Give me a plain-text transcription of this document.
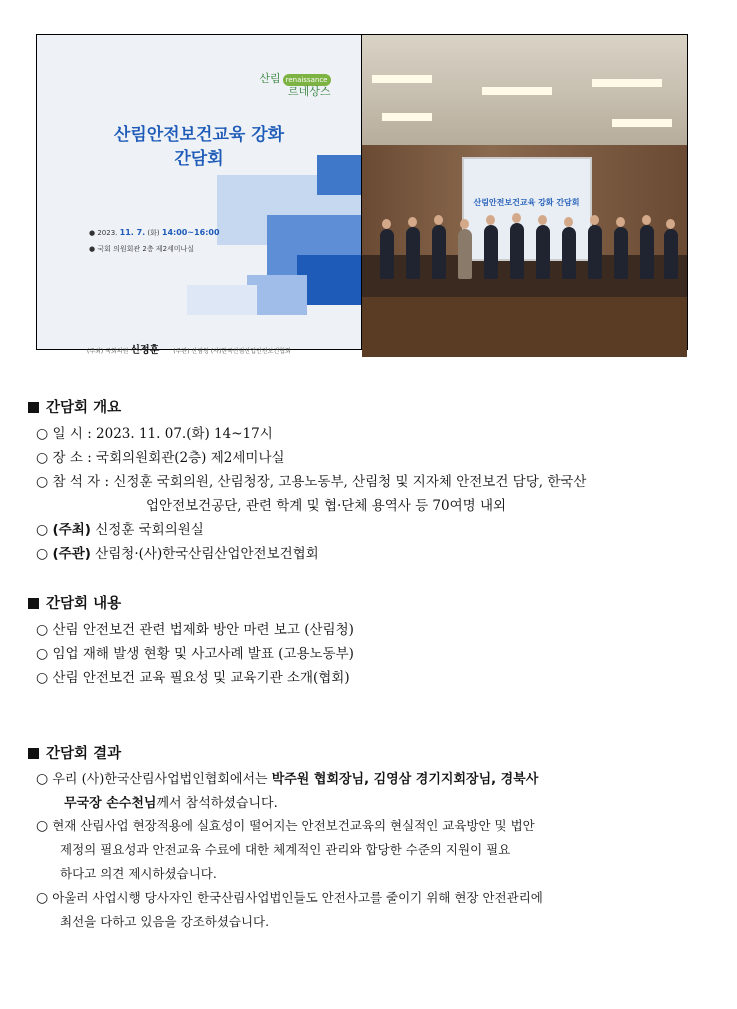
산림 renaissance
르네상스
산림안전보건교육 강화
간담회
● 2023. 11. 7. (화) 14:00~16:00
● 국회 의원회관 2층 제2세미나실
(주최) 국회의원 신정훈 (주관) 산림청 (사)한국산림산업안전보건협회
산림안전보건교육 강화 간담회
간담회 개요
○ 일 시 : 2023. 11. 07.(화) 14~17시
○ 장 소 : 국회의원회관(2층) 제2세미나실
○ 참 석 자 : 신정훈 국회의원, 산림청장, 고용노동부, 산림청 및 지자체 안전보건 담당, 한국산
업안전보건공단, 관련 학계 및 협·단체 용역사 등 70여명 내외
○ (주최) 신정훈 국회의원실
○ (주관) 산림청·(사)한국산림산업안전보건협회
간담회 내용
○ 산림 안전보건 관련 법제화 방안 마련 보고 (산림청)
○ 임업 재해 발생 현황 및 사고사례 발표 (고용노동부)
○ 산림 안전보건 교육 필요성 및 교육기관 소개(협회)
간담회 결과
○ 우리 (사)한국산림사업법인협회에서는 박주원 협회장님, 김영삼 경기지회장님, 경북사
무국장 손수천님께서 참석하셨습니다.
○ 현재 산림사업 현장적용에 실효성이 떨어지는 안전보건교육의 현실적인 교육방안 및 법안
제정의 필요성과 안전교육 수료에 대한 체계적인 관리와 합당한 수준의 지원이 필요
하다고 의견 제시하셨습니다.
○ 아울러 사업시행 당사자인 한국산림사업법인들도 안전사고를 줄이기 위해 현장 안전관리에
최선을 다하고 있음을 강조하셨습니다.
